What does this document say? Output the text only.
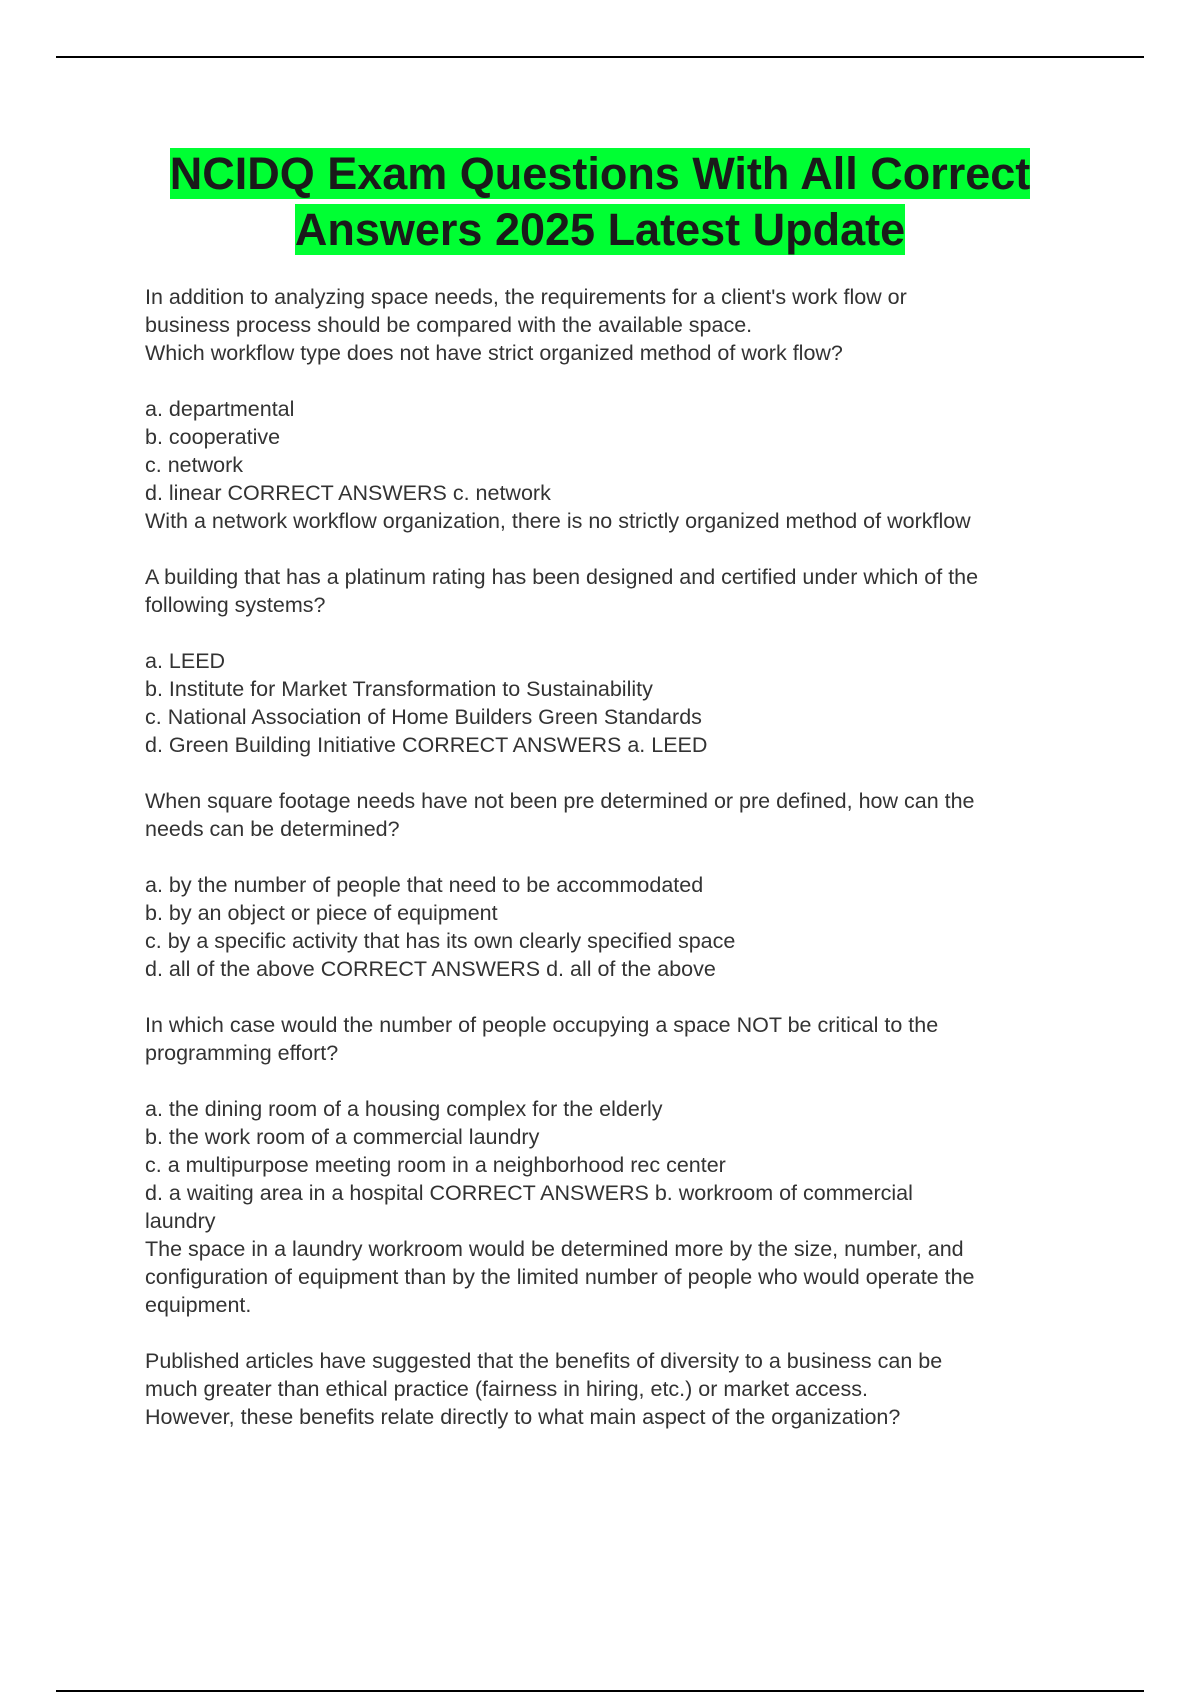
NCIDQ Exam Questions With All Correct
Answers 2025 Latest Update
In addition to analyzing space needs, the requirements for a client's work flow or
business process should be compared with the available space.
Which workflow type does not have strict organized method of work flow?
a. departmental
b. cooperative
c. network
d. linear CORRECT ANSWERS c. network
With a network workflow organization, there is no strictly organized method of workflow
A building that has a platinum rating has been designed and certified under which of the
following systems?
a. LEED
b. Institute for Market Transformation to Sustainability
c. National Association of Home Builders Green Standards
d. Green Building Initiative CORRECT ANSWERS a. LEED
When square footage needs have not been pre determined or pre defined, how can the
needs can be determined?
a. by the number of people that need to be accommodated
b. by an object or piece of equipment
c. by a specific activity that has its own clearly specified space
d. all of the above CORRECT ANSWERS d. all of the above
In which case would the number of people occupying a space NOT be critical to the
programming effort?
a. the dining room of a housing complex for the elderly
b. the work room of a commercial laundry
c. a multipurpose meeting room in a neighborhood rec center
d. a waiting area in a hospital CORRECT ANSWERS b. workroom of commercial
laundry
The space in a laundry workroom would be determined more by the size, number, and
configuration of equipment than by the limited number of people who would operate the
equipment.
Published articles have suggested that the benefits of diversity to a business can be
much greater than ethical practice (fairness in hiring, etc.) or market access.
However, these benefits relate directly to what main aspect of the organization?
